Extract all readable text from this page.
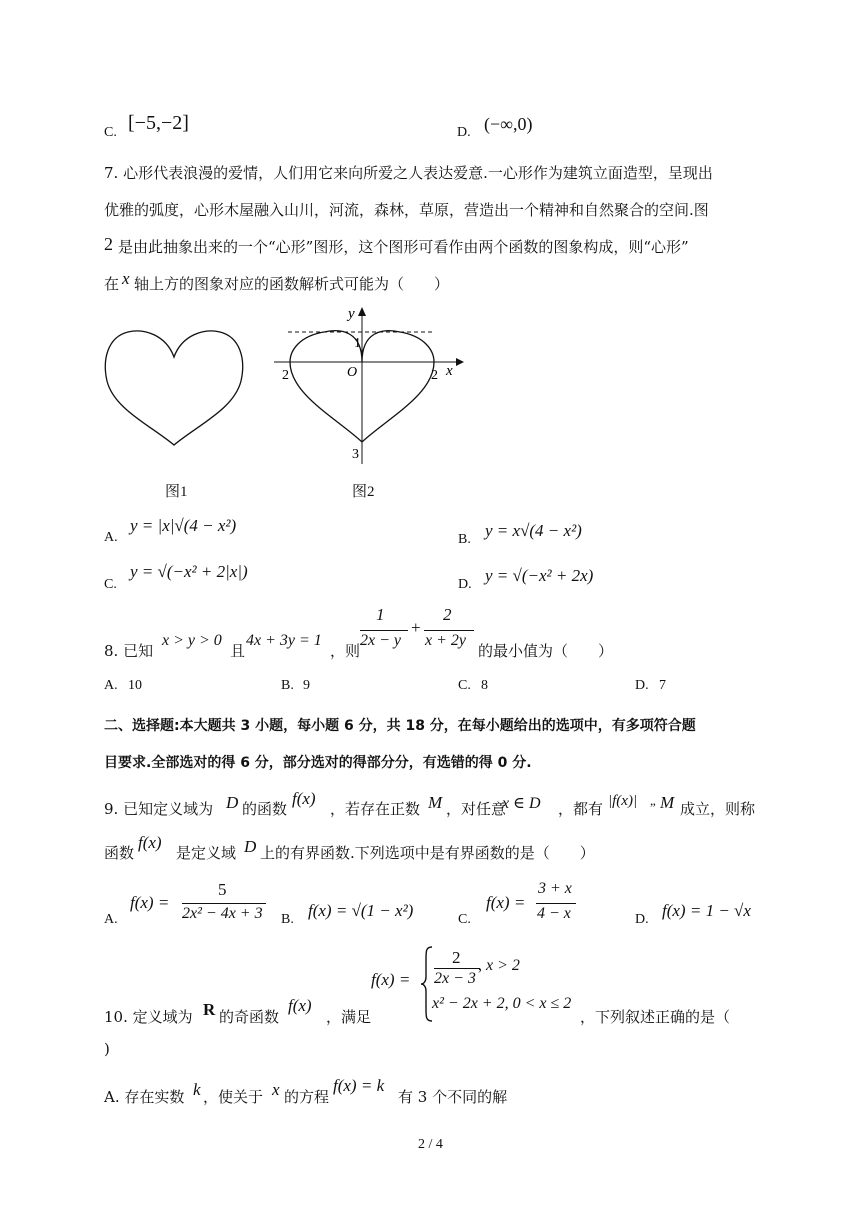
C. [−5,−2]	D. (−∞,0)
7. 心形代表浪漫的爱情，人们用它来向所爱之人表达爱意.一心形作为建筑立面造型，呈现出
优雅的弧度，心形木屋融入山川，河流，森林，草原，营造出一个精神和自然聚合的空间.图
2 是由此抽象出来的一个“心形”图形，这个图形可看作由两个函数的图象构成，则“心形”
在 x 轴上方的图象对应的函数解析式可能为（　　）
图1
y
x
1
O
2	2
3
图2
A.
y = |x|√(4 − x²)
B. y = x√(4 − x²)
C.
y = √(−x² + 2|x|)
D. y = √(−x² + 2x)
8. 已知
x > y > 0
且
4x + 3y = 1
，则
1
2x − y
+
2
x + 2y
的最小值为（　　）
A. 10	B. 9	C. 8	D. 7
二、选择题:本大题共 3 小题，每小题 6 分，共 18 分，在每小题给出的选项中，有多项符合题
目要求.全部选对的得 6 分，部分选对的得部分分，有选错的得 0 分.
9. 已知定义域为 D 的函数
f(x)
，若存在正数 M ，对任意
x ∈ D ，都有 |f(x)| „ M 成立，则称
函数
f(x)
是定义域 D 上的有界函数.下列选项中是有界函数的是（　　）
A.
f(x) =
5
2x² − 4x + 3 B. f(x) = √(1 − x²)	C.
f(x) =
3 + x
4 − x	D. f(x) = 1 − √x
f(x) =
2
2x − 3
, x > 2
x² − 2x + 2, 0 < x ≤ 2
10. 定义域为 R 的奇函数
f(x)
，满足	，下列叙述正确的是（
)
A. 存在实数 k ，使关于 x 的方程
f(x) = k
有 3 个不同的解
2 / 4
